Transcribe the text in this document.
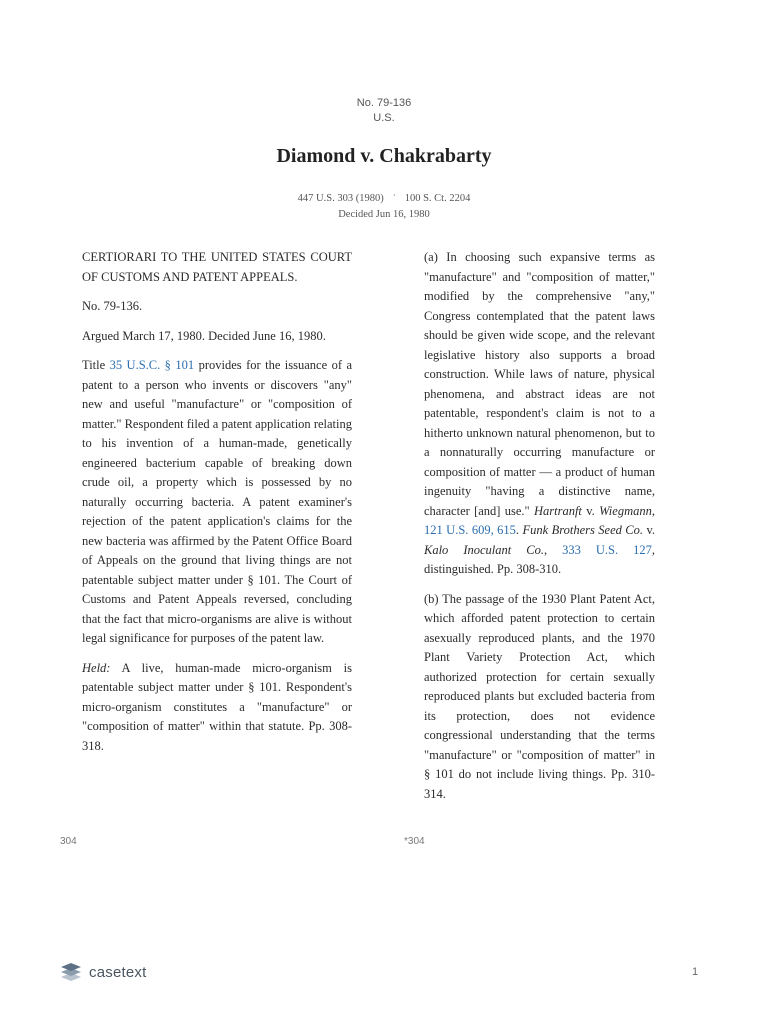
No. 79-136
U.S.
Diamond v. Chakrabarty
447 U.S. 303 (1980) · 100 S. Ct. 2204
Decided Jun 16, 1980

CERTIORARI TO THE UNITED STATES COURT OF CUSTOMS AND PATENT APPEALS.

No. 79-136.

Argued March 17, 1980. Decided June 16, 1980.

Title 35 U.S.C. § 101 provides for the issuance of a patent to a person who invents or discovers "any" new and useful "manufacture" or "composition of matter." Respondent filed a patent application relating to his invention of a human-made, genetically engineered bacterium capable of breaking down crude oil, a property which is possessed by no naturally occurring bacteria. A patent examiner's rejection of the patent application's claims for the new bacteria was affirmed by the Patent Office Board of Appeals on the ground that living things are not patentable subject matter under § 101. The Court of Customs and Patent Appeals reversed, concluding that the fact that micro-organisms are alive is without legal significance for purposes of the patent law.

Held: A live, human-made micro-organism is patentable subject matter under § 101. Respondent's micro-organism constitutes a "manufacture" or "composition of matter" within that statute. Pp. 308-318.

(a) In choosing such expansive terms as "manufacture" and "composition of matter," modified by the comprehensive "any," Congress contemplated that the patent laws should be given wide scope, and the relevant legislative history also supports a broad construction. While laws of nature, physical phenomena, and abstract ideas are not patentable, respondent's claim is not to a hitherto unknown natural phenomenon, but to a nonnaturally occurring manufacture or composition of matter — a product of human ingenuity "having a distinctive name, character [and] use." Hartranft v. Wiegmann, 121 U.S. 609, 615. Funk Brothers Seed Co. v. Kalo Inoculant Co., 333 U.S. 127, distinguished. Pp. 308-310.

(b) The passage of the 1930 Plant Patent Act, which afforded patent protection to certain asexually reproduced plants, and the 1970 Plant Variety Protection Act, which authorized protection for certain sexually reproduced plants but excluded bacteria from its protection, does not evidence congressional understanding that the terms "manufacture" or "composition of matter" in § 101 do not include living things. Pp. 310-314.

304	*304
casetext	1
